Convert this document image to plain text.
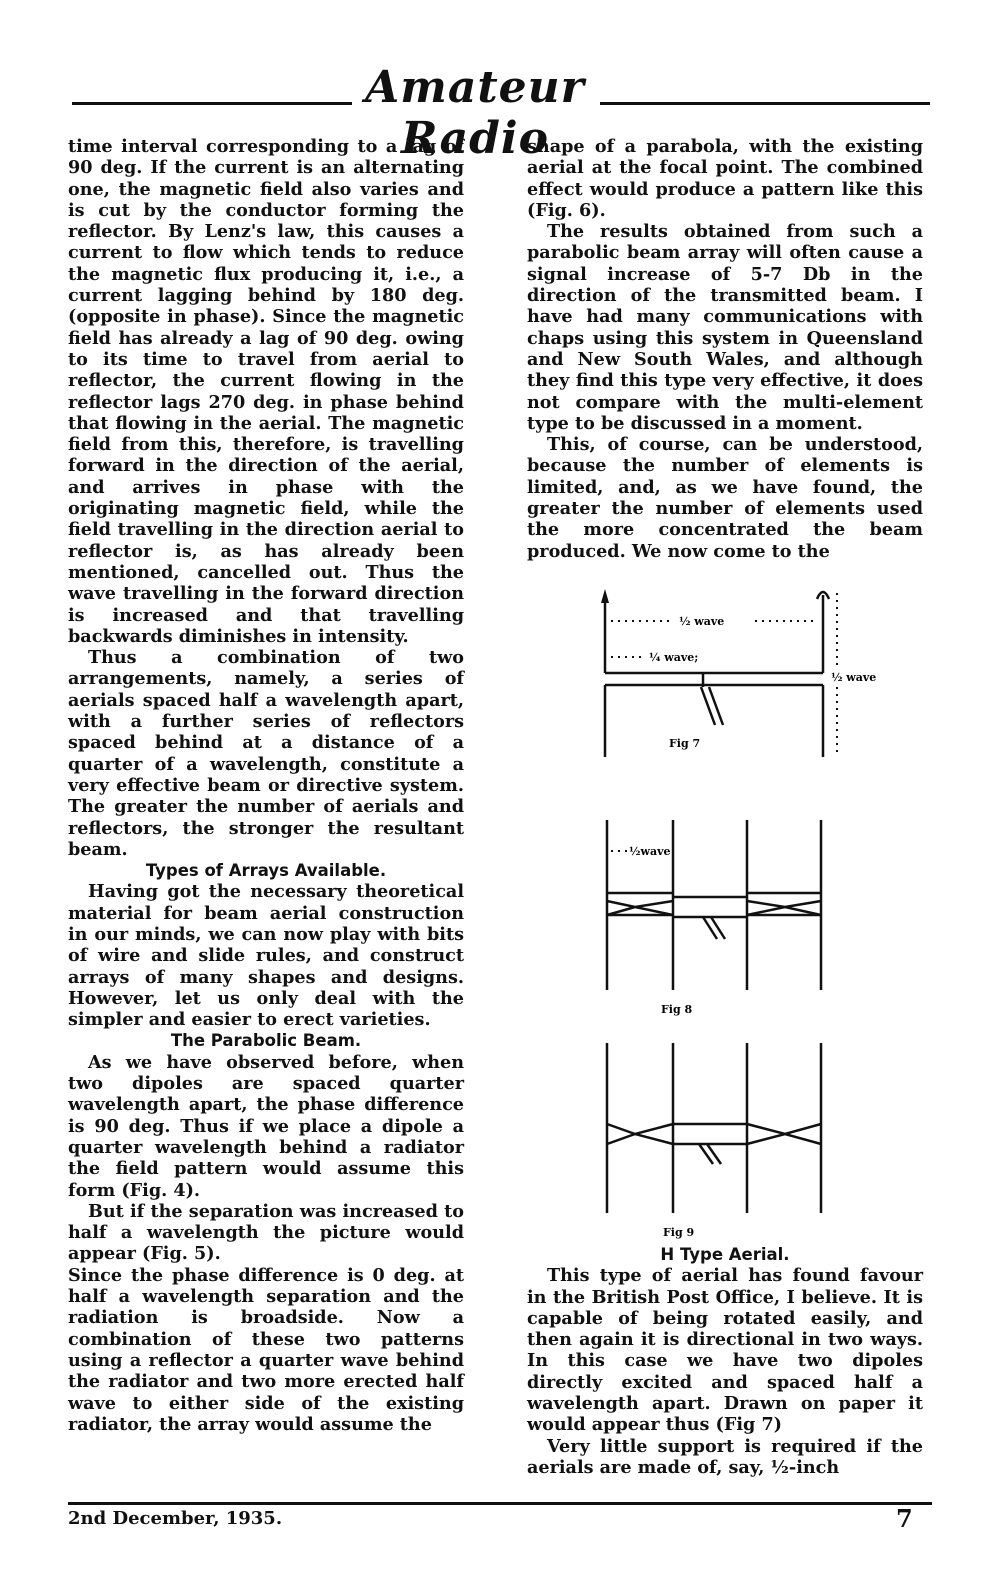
Amateur Radio

time interval corresponding to a lag of 90 deg. If the current is an alternating one, the magnetic field also varies and is cut by the conductor forming the reflector. By Lenz's law, this causes a current to flow which tends to reduce the magnetic flux producing it, i.e., a current lagging behind by 180 deg. (opposite in phase). Since the magnetic field has already a lag of 90 deg. owing to its time to travel from aerial to reflector, the current flowing in the reflector lags 270 deg. in phase behind that flowing in the aerial. The magnetic field from this, therefore, is travelling forward in the direction of the aerial, and arrives in phase with the originating magnetic field, while the field travelling in the direction aerial to reflector is, as has already been mentioned, cancelled out. Thus the wave travelling in the forward direction is increased and that travelling backwards diminishes in intensity.

Thus a combination of two arrangements, namely, a series of aerials spaced half a wavelength apart, with a further series of reflectors spaced behind at a distance of a quarter of a wavelength, constitute a very effective beam or directive system. The greater the number of aerials and reflectors, the stronger the resultant beam.

Types of Arrays Available.

Having got the necessary theoretical material for beam aerial construction in our minds, we can now play with bits of wire and slide rules, and construct arrays of many shapes and designs. However, let us only deal with the simpler and easier to erect varieties.

The Parabolic Beam.

As we have observed before, when two dipoles are spaced quarter wavelength apart, the phase difference is 90 deg. Thus if we place a dipole a quarter wavelength behind a radiator the field pattern would assume this form (Fig. 4).

But if the separation was increased to half a wavelength the picture would appear (Fig. 5).

Since the phase difference is 0 deg. at half a wavelength separation and the radiation is broadside. Now a combination of these two patterns using a reflector a quarter wave behind the radiator and two more erected half wave to either side of the existing radiator, the array would assume the

shape of a parabola, with the existing aerial at the focal point. The combined effect would produce a pattern like this (Fig. 6).

The results obtained from such a parabolic beam array will often cause a signal increase of 5-7 Db in the direction of the transmitted beam. I have had many communications with chaps using this system in Queensland and New South Wales, and although they find this type very effective, it does not compare with the multi-element type to be discussed in a moment.

This, of course, can be understood, because the number of elements is limited, and, as we have found, the greater the number of elements used the more concentrated the beam produced. We now come to the

½ wave
¼ wave;
½ wave
Fig 7
½wave
Fig 8
Fig 9
H Type Aerial.

This type of aerial has found favour in the British Post Office, I believe. It is capable of being rotated easily, and then again it is directional in two ways. In this case we have two dipoles directly excited and spaced half a wavelength apart. Drawn on paper it would appear thus (Fig 7)

Very little support is required if the aerials are made of, say, ½-inch

2nd December, 1935.	7
